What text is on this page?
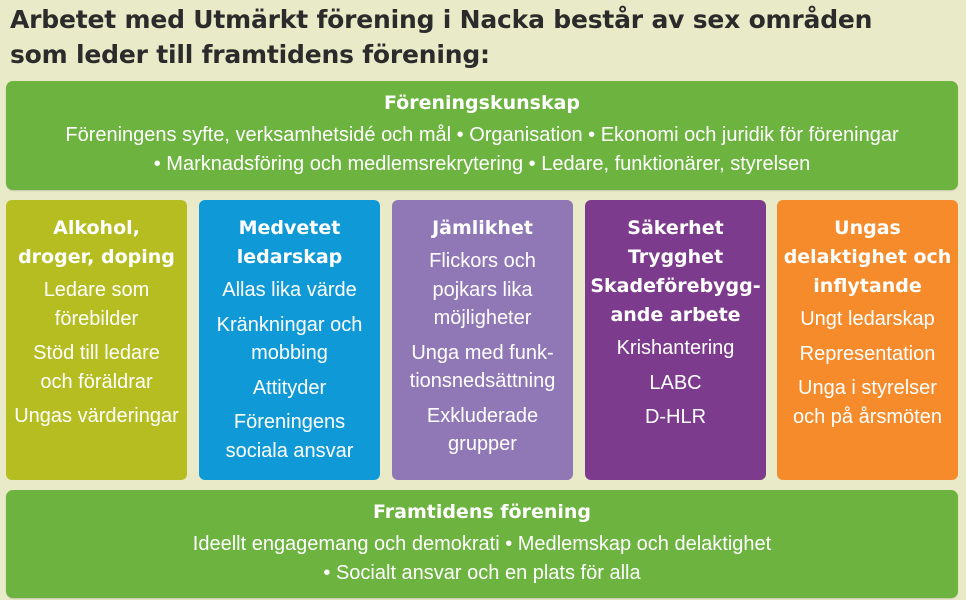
Arbetet med Utmärkt förening i Nacka består av sex områden
som leder till framtidens förening:
Föreningskunskap
Föreningens syfte, verksamhetsidé och mål • Organisation • Ekonomi och juridik för föreningar
• Marknadsföring och medlemsrekrytering • Ledare, funktionärer, styrelsen
Alkohol,
droger, doping
Ledare som
förebilder
Stöd till ledare
och föräldrar
Ungas värderingar
Medvetet
ledarskap
Allas lika värde
Kränkningar och
mobbing
Attityder
Föreningens
sociala ansvar
Jämlikhet
Flickors och
pojkars lika
möjligheter
Unga med funk-
tionsnedsättning
Exkluderade
grupper
Säkerhet
Trygghet
Skadeförebygg-
ande arbete
Krishantering
LABC
D-HLR
Ungas
delaktighet och
inflytande
Ungt ledarskap
Representation
Unga i styrelser
och på årsmöten
Framtidens förening
Ideellt engagemang och demokrati • Medlemskap och delaktighet
• Socialt ansvar och en plats för alla
